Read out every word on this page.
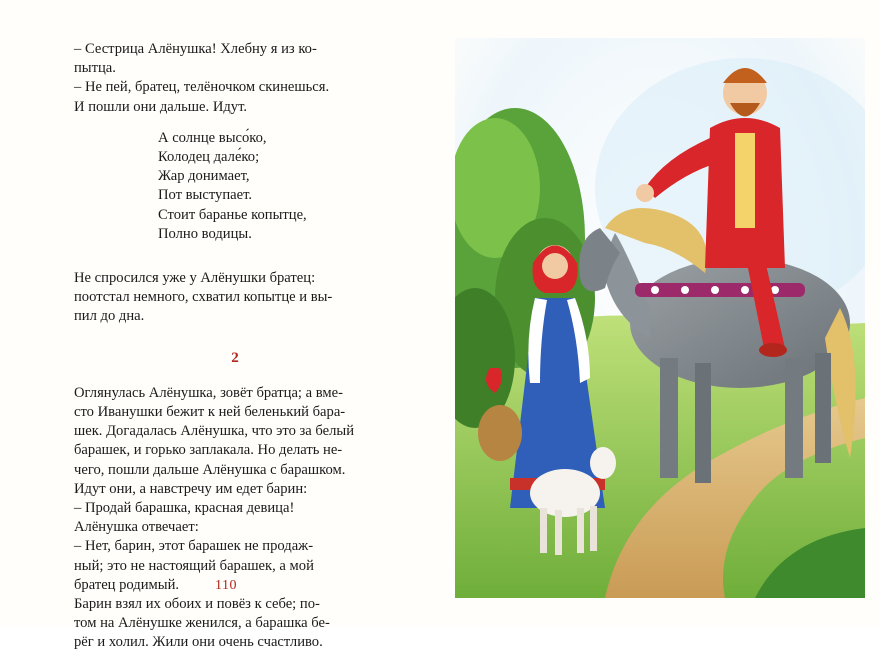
– Сестрица Алёнушка! Хлебну я из ко-

пытца.

– Не пей, братец, телёночком скинешься.

И пошли они дальше. Идут.

А солнце высо́ко,
Колодец дале́ко;
Жар донимает,
Пот выступает.
Стоит баранье копытце,
Полно водицы.

Не спросился уже у Алёнушки братец:

поотстал немного, схватил копытце и вы-

пил до дна.

2

Оглянулась Алёнушка, зовёт братца; а вме-

сто Иванушки бежит к ней беленький бара-

шек. Догадалась Алёнушка, что это за белый

барашек, и горько заплакала. Но делать не-

чего, пошли дальше Алёнушка с барашком.

Идут они, а навстречу им едет барин:

– Продай барашка, красная девица!

Алёнушка отвечает:

– Нет, барин, этот барашек не продаж-

ный; это не настоящий барашек, а мой

братец родимый.

Барин взял их обоих и повёз к себе; по-

том на Алёнушке женился, а барашка бе-

рёг и холил. Жили они очень счастливо.

110
